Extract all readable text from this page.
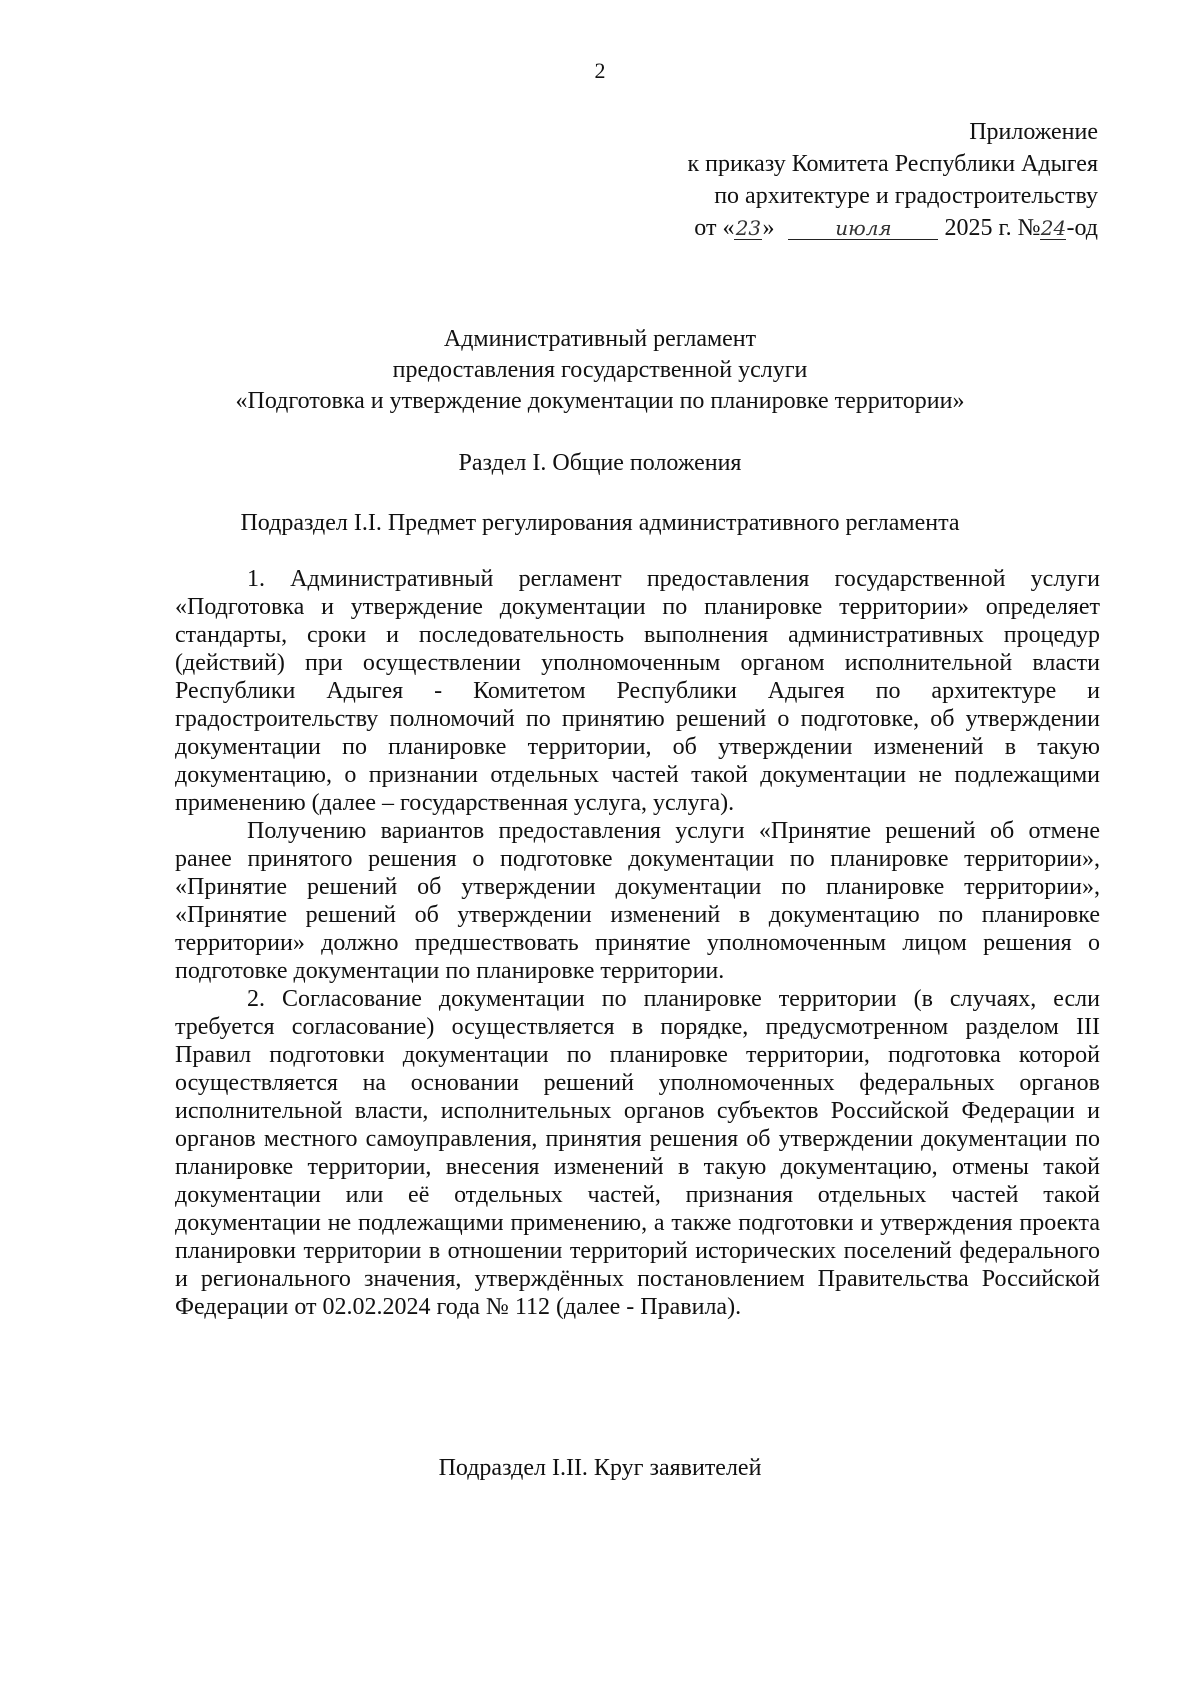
2
Приложение
к приказу Комитета Республики Адыгея
по архитектуре и градостроительству
от «23»	июля 2025 г. №24-од
Административный регламент
предоставления государственной услуги
«Подготовка и утверждение документации по планировке территории»
Раздел I. Общие положения
Подраздел I.I. Предмет регулирования административного регламента

1. Административный регламент предоставления государственной услуги «Подготовка и утверждение документации по планировке территории» определяет стандарты, сроки и последовательность выполнения административных процедур (действий) при осуществлении уполномоченным органом исполнительной власти Республики Адыгея - Комитетом Республики Адыгея по архитектуре и градостроительству полномочий по принятию решений о подготовке, об утверждении документации по планировке территории, об утверждении изменений в такую документацию, о признании отдельных частей такой документации не подлежащими применению (далее – государственная услуга, услуга).

Получению вариантов предоставления услуги «Принятие решений об отмене ранее принятого решения о подготовке документации по планировке территории», «Принятие решений об утверждении документации по планировке территории», «Принятие решений об утверждении изменений в документацию по планировке территории» должно предшествовать принятие уполномоченным лицом решения о подготовке документации по планировке территории.

2. Согласование документации по планировке территории (в случаях, если требуется согласование) осуществляется в порядке, предусмотренном разделом III Правил подготовки документации по планировке территории, подготовка которой осуществляется на основании решений уполномоченных федеральных органов исполнительной власти, исполнительных органов субъектов Российской Федерации и органов местного самоуправления, принятия решения об утверждении документации по планировке территории, внесения изменений в такую документацию, отмены такой документации или её отдельных частей, признания отдельных частей такой документации не подлежащими применению, а также подготовки и утверждения проекта планировки территории в отношении территорий исторических поселений федерального и регионального значения, утверждённых постановлением Правительства Российской Федерации от 02.02.2024 года № 112 (далее - Правила).

Подраздел I.II. Круг заявителей
